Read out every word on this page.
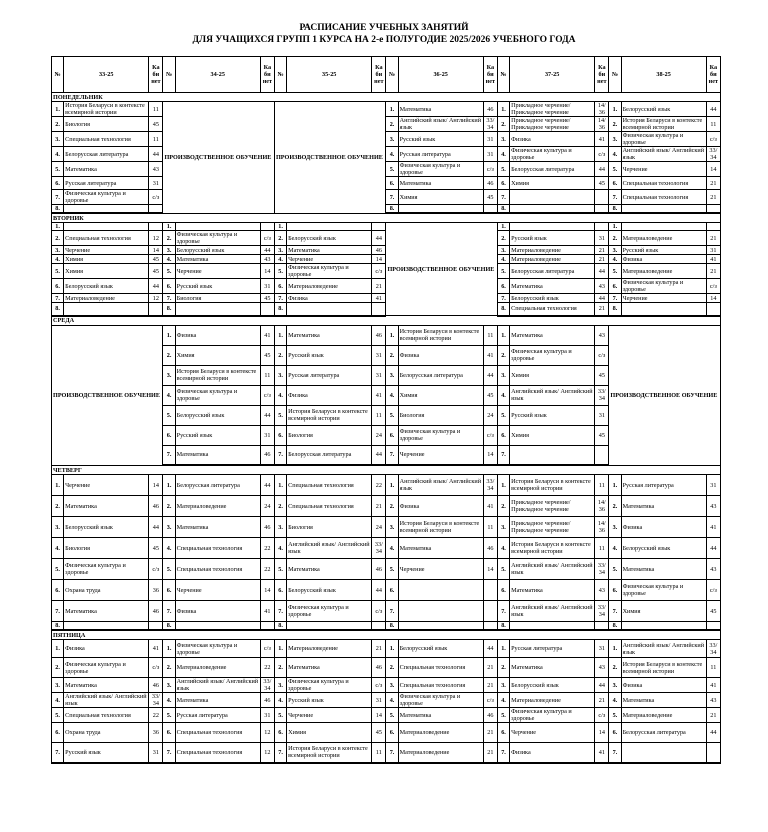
РАСПИСАНИЕ УЧЕБНЫХ ЗАНЯТИЙ
ДЛЯ УЧАЩИХСЯ ГРУПП 1 КУРСА НА 2-е ПОЛУГОДИЕ 2025/2026 УЧЕБНОГО ГОДА
№	33-25	Ка би нет	№	34-25	Ка би нет	№	35-25	Ка би нет	№	36-25	Ка би нет	№	37-25	Ка би нет	№	38-25	Ка би нет
ПОНЕДЕЛЬНИК																	
1.	История Беларуси в контексте всемирной истории	11	ПРОИЗВОДСТВЕННОЕ ОБУЧЕНИЕ			ПРОИЗВОДСТВЕННОЕ ОБУЧЕНИЕ			1.	Математика	46	1.	Прикладное черчение/ Прикладное черчение	14/ 36	1.	Белорусский язык	44
2.	Биология	45							2.	Английский язык/ Английский язык	33/ 34	2.	Прикладное черчение/ Прикладное черчение	14/ 36	2.	История Беларуси в контексте всемирной истории	11
3.	Специальная технология	11							3.	Русский язык	31	3.	Физика	41	3.	Физическая культура и здоровье	с/з
4.	Белорусская литература	44							4.	Русская литература	31	4.	Физическая культура и здоровье	с/з	4.	Английский язык/ Английский язык	33/ 34
5.	Математика	43							5.	Физическая культура и здоровье	с/з	5.	Белорусская литература	44	5.	Черчение	14
6.	Русская литература	31							6.	Математика	46	6.	Химия	45	6.	Специальная технология	21
7.	Физическая культура и здоровье	с/з							7.	Химия	45	7.			7.	Специальная технология	21
8.									8.			8.			8.		
ВТОРНИК																	
1.			1.			1.			ПРОИЗВОДСТВЕННОЕ ОБУЧЕНИЕ			1.			1.		
2.	Специальная технология	12	2.	Физическая культура и здоровье	с/з	2.	Белорусский язык	44				2.	Русский язык	31	2.	Материаловедение	21
3.	Черчение	14	3.	Белорусский язык	44	3.	Математика	46				3.	Материаловедение	21	3.	Русский язык	31
4.	Химия	45	4.	Математика	43	4.	Черчение	14				4.	Материаловедение	21	4.	Физика	41
5.	Химия	45	5.	Черчение	14	5.	Физическая культура и здоровье	с/з				5.	Белорусская литература	44	5.	Материаловедение	21
6.	Белорусский язык	44	6.	Русский язык	31	6.	Материаловедение	21				6.	Математика	43	6.	Физическая культура и здоровье	с/з
7.	Материаловедение	12	7.	Биология	45	7.	Физика	41				7.	Белорусский язык	44	7.	Черчение	14
8.			8.			8.						8.	Специальная технология	21	8.		
СРЕДА																	
ПРОИЗВОДСТВЕННОЕ ОБУЧЕНИЕ			1.	Физика	41	1.	Математика	46	1.	История Беларуси в контексте всемирной истории	11	1.	Математика	43	ПРОИЗВОДСТВЕННОЕ ОБУЧЕНИЕ		
			2.	Химия	45	2.	Русский язык	31	2.	Физика	41	2.	Физическая культура и здоровье	с/з			
			3.	История Беларуси в контексте всемирной истории	11	3.	Русская литература	31	3.	Белорусская литература	44	3.	Химия	45			
			4.	Физическая культура и здоровье	с/з	4.	Физика	41	4.	Химия	45	4.	Английский язык/ Английский язык	33/ 34			
			5.	Белорусский язык	44	5.	История Беларуси в контексте всемирной истории	11	5.	Биология	24	5.	Русский язык	31			
			6.	Русский язык	31	6.	Биология	24	6.	Физическая культура и здоровье	с/з	6.	Химия	45			
			7.	Математика	46	7.	Белорусская литература	44	7.	Черчение	14	7.					
ЧЕТВЕРГ																	
1.	Черчение	14	1.	Белорусская литература	44	1.	Специальная технология	22	1.	Английский язык/ Английский язык	33/ 34	1.	История Беларуси в контексте всемирной истории	11	1.	Русская литература	31
2.	Математика	46	2.	Материаловедение	24	2.	Специальная технология	21	2.	Физика	41	2.	Прикладное черчение/ Прикладное черчение	14/ 36	2.	Математика	43
3.	Белорусский язык	44	3.	Математика	46	3.	Биология	24	3.	История Беларуси в контексте всемирной истории	11	3.	Прикладное черчение/ Прикладное черчение	14/ 36	3.	Физика	41
4.	Биология	45	4.	Специальная технология	22	4.	Английский язык/ Английский язык	33/ 34	4.	Математика	46	4.	История Беларуси в контексте всемирной истории	11	4.	Белорусский язык	44
5.	Физическая культура и здоровье	с/з	5.	Специальная технология	22	5.	Математика	46	5.	Черчение	14	5.	Английский язык/ Английский язык	33/ 34	5.	Математика	43
6.	Охрана труда	36	6.	Черчение	14	6.	Белорусский язык	44	6.			6.	Математика	43	6.	Физическая культура и здоровье	с/з
7.	Математика	46	7.	Физика	41	7.	Физическая культура и здоровье	с/з	7.			7.	Английский язык/ Английский язык	33/ 34	7.	Химия	45
8.			8.			8.			8.			8.			8.		
ПЯТНИЦА																	
1.	Физика	41	1.	Физическая культура и здоровье	с/з	1.	Материаловедение	21	1.	Белорусский язык	44	1.	Русская литература	31	1.	Английский язык/ Английский язык	33/ 34
2.	Физическая культура и здоровье	с/з	2.	Материаловедение	22	2.	Математика	46	2.	Специальная технология	21	2.	Математика	43	2.	История Беларуси в контексте всемирной истории	11
3.	Математика	46	3.	Английский язык/ Английский язык	33/ 34	3.	Физическая культура и здоровье	с/з	3.	Специальная технология	21	3.	Белорусский язык	44	3.	Физика	41
4.	Английский язык/ Английский язык	33/ 34	4.	Математика	46	4.	Русский язык	31	4.	Физическая культура и здоровье	с/з	4.	Материаловедение	21	4.	Математика	43
5.	Специальная технология	22	5.	Русская литература	31	5.	Черчение	14	5.	Математика	46	5.	Физическая культура и здоровье	с/з	5.	Материаловедение	21
6.	Охрана труда	36	6.	Специальная технология	12	6.	Химия	45	6.	Материаловедение	21	6.	Черчение	14	6.	Белорусская литература	44
7.	Русский язык	31	7.	Специальная технология	12	7.	История Беларуси в контексте всемирной истории	11	7.	Материаловедение	21	7.	Физика	41	7.		
